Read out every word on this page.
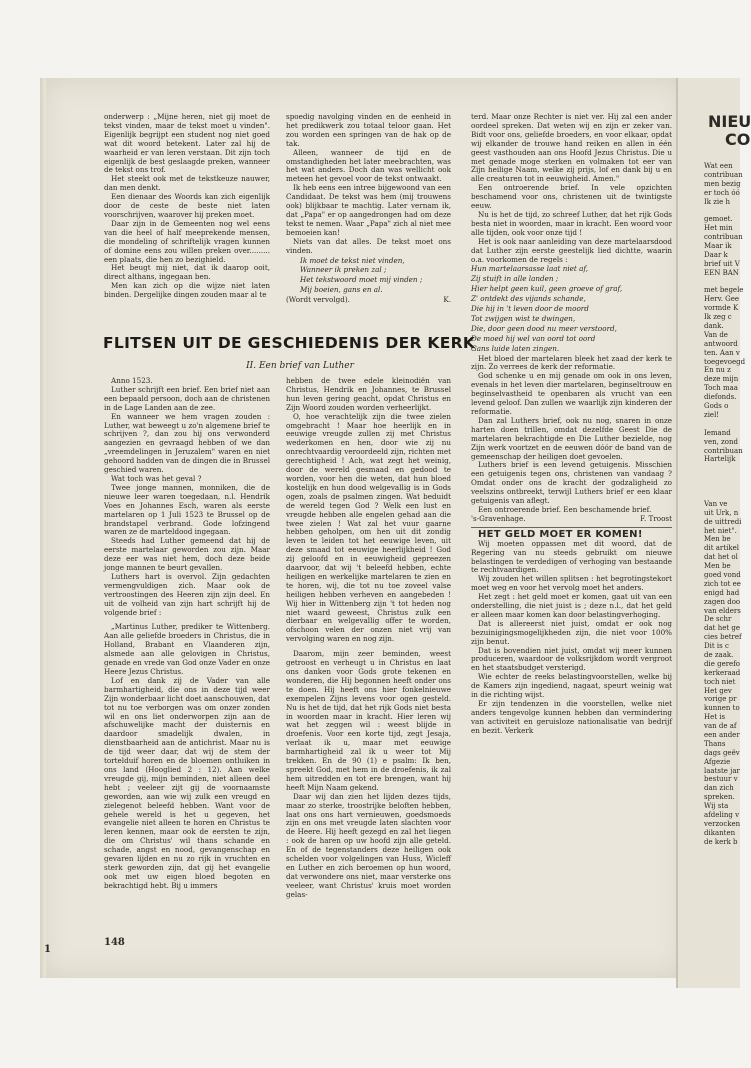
onderwerp : „Mijne heren, niet gij moet de tekst vinden, maar de tekst moet u vinden". Eigenlijk begrijpt een student nog niet goed wat dit woord betekent. Later zal hij de waarheid er van leren verstaan. Dit zijn toch eigenlijk de best geslaagde preken, wanneer de tekst ons trof.

Het steekt ook met de tekstkeuze nauwer, dan men denkt.

Een dienaar des Woords kan zich eigenlijk door de ceste de beste niet laten voorschrijven, waarover hij preken moet.

Daar zijn in de Gemeenten nog wel eens van die heel of half meeprekende mensen, die mondeling of schriftelijk vragen kunnen of domine eens zou willen preken over......... een plaats, die hen zo bezighield.

Het beugt mij niet, dat ik daarop ooit, direct althans, ingegaan ben.

Men kan zich op die wijze niet laten binden. Dergelijke dingen zouden maar al te

spoedig navolging vinden en de eenheid in het predikwerk zou totaal teloor gaan. Het zou worden een springen van de hak op de tak.

Alleen, wanneer de tijd en de omstandigheden het later meebrachten, was het wat anders. Doch dan was wellicht ook meteen het gevoel voor de tekst ontwaakt.

Ik heb eens een intree bijgewoond van een Candidaat. De tekst was hem (mij trouwens ook) blijkbaar te machtig. Later vernam ik, dat „Papa" er op aangedrongen had om deze tekst te nemen. Waar „Papa" zich al niet mee bemoeien kan!

Niets van dat alles. De tekst moet ons vinden.

Ik moet de tekst niet vinden,

Wanneer ik preken zal ;

Het tekstwoord moet mij vinden ;

Mij boeien, gans en al.

(Wordt vervolgd).	K.
FLITSEN UIT DE GESCHIEDENIS DER KERK

II. Een brief van Luther

Anno 1523.

Luther schrijft een brief. Een brief niet aan een bepaald persoon, doch aan de christenen in de Lage Landen aan de zee.

En wanneer we hem vragen zouden : Luther, wat beweegt u zo'n algemene brief te schrijven ?, dan zou hij ons verwonderd aangezien en gevraagd hebben of we dan „vreemdelingen in Jeruzalem" waren en niet gehoord hadden van de dingen die in Brussel geschied waren.

Wat toch was het geval ?

Twee jonge mannen, monniken, die de nieuwe leer waren toegedaan, n.l. Hendrik Voes en Johannes Esch, waren als eerste martelaren op 1 Juli 1523 te Brussel op de brandstapel verbrand. Gode lofzingend waren ze de marteldood ingegaan.

Steeds had Luther gemeend dat hij de eerste martelaar geworden zou zijn. Maar deze eer was niet hem, doch deze beide jonge mannen te beurt gevallen.

Luthers hart is overvol. Zijn gedachten vermengvuldigen zich. Maar ook de vertroostingen des Heeren zijn zijn deel. En uit de volheid van zijn hart schrijft hij de volgende brief :

„Martinus Luther, prediker te Wittenberg. Aan alle geliefde broeders in Christus, die in Holland, Brabant en Vlaanderen zijn, alsmede aan alle gelovigen in Christus, genade en vrede van God onze Vader en onze Heere Jezus Christus.

Lof en dank zij de Vader van alle barmhartigheid, die ons in deze tijd weer Zijn wonderbaar licht doet aanschouwen, dat tot nu toe verborgen was om onzer zonden wil en ons liet onderworpen zijn aan de afschuwelijke macht der duisternis en daardoor smadelijk dwalen, in dienstbaarheid aan de antichrist. Maar nu is de tijd weer daar, dat wij de stem der tortelduif horen en de bloemen ontluiken in ons land (Hooglied 2 : 12). Aan welke vreugde gij, mijn beminden, niet alleen deel hebt ; veeleer zijt gij de voornaamste geworden, aan wie wij zulk een vreugd en zielegenot beleefd hebben. Want voor de gehele wereld is het u gegeven, het evangelie niet alleen te horen en Christus te leren kennen, maar ook de eersten te zijn, die om Christus' wil thans schande en schade, angst en nood, gevangenschap en gevaren lijden en nu zo rijk in vruchten en sterk geworden zijn, dat gij het evangelie ook met uw eigen bloed begoten en bekrachtigd hebt. Bij u immers

hebben de twee edele kleinodiën van Christus, Hendrik en Johannes, te Brussel hun leven gering geacht, opdat Christus en Zijn Woord zouden worden verheerlijkt.

O, hoe verachtelijk zijn die twee zielen omgebracht ! Maar hoe heerlijk en in eeuwige vreugde zullen zij met Christus wederkomen en hen, door wie zij nu onrechtvaardig veroordeeld zijn, richten met gerechtigheid ! Ach, wat zegt het weinig, door de wereld gesmaad en gedood te worden, voor hen die weten, dat hun bloed kostelijk en hun dood welgevallig is in Gods ogen, zoals de psalmen zingen. Wat beduidt de wereld tegen God ? Welk een lust en vreugde hebben alle engelen gehad aan die twee zielen ! Wat zal het vuur gaarne hebben geholpen, om hen uit dit zondig leven te leiden tot het eeuwige leven, uit deze smaad tot eeuwige heerlijkheid ! God zij geloofd en in eeuwigheid gepreezen daarvoor, dat wij 't beleefd hebben, echte heiligen en werkelijke martelaren te zien en te horen, wij, die tot nu toe zoveel valse heiligen hebben verheven en aangebeden ! Wij hier in Wittenberg zijn 't tot heden nog niet waard geweest, Christus zulk een dierbaar en welgevallig offer te worden, ofschoon velen der onzen niet vrij van vervolging waren en nog zijn.

Daarom, mijn zeer beminden, weest getroost en verheugt u in Christus en laat ons danken voor Gods grote tekenen en wonderen, die Hij begonnen heeft onder ons te doen. Hij heeft ons hier fonkelnieuwe exempelen Zijns levens voor ogen gesteld. Nu is het de tijd, dat het rijk Gods niet besta in woorden maar in kracht. Hier leren wij wat het zeggen wil : weest blijde in droefenis. Voor een korte tijd, zegt Jesaja, verlaat ik u, maar met eeuwige barmhartigheid zal ik u weer tot Mij trekken. En de 90 (1) e psalm: Ik ben, spreekt God, met hem in de droefenis, ik zal hem uitredden en tot ere brengen, want hij heeft Mijn Naam gekend.

Daar wij dan zien het lijden dezes tijds, maar zo sterke, troostrijke beloften hebben, laat ons ons hart vernieuwen, goedsmoeds zijn en ons met vreugde laten slachten voor de Heere. Hij heeft gezegd en zal het liegen : ook de haren op uw hoofd zijn alle geteld. En of de tegenstanders deze heiligen ook schelden voor volgelingen van Huss, Wicleff en Luther en zich beroemen op hun woord, dat verwondere ons niet, maar versterke ons veeleer, want Christus' kruis moet worden gelas-

terd. Maar onze Rechter is niet ver. Hij zal een ander oordeel spreken. Dat weten wij en zijn er zeker van. Bidt voor ons, geliefde broeders, en voor elkaar, opdat wij elkander de trouwe hand reiken en allen in één geest vasthouden aan ons Hoofd Jezus Christus. Die u met genade moge sterken en volmaken tot eer van Zijn heilige Naam, welke zij prijs, lof en dank bij u en alle creaturen tot in eeuwigheid. Amen."

Een ontroerende brief. In vele opzichten beschamend voor ons, christenen uit de twintigste eeuw.

Nu is het de tijd, zo schreef Luther, dat het rijk Gods besta niet in woorden, maar in kracht. Een woord voor alle tijden, ook voor onze tijd !

Het is ook naar aanleiding van deze martelaarsdood dat Luther zijn eerste geestelijk lied dichtte, waarin o.a. voorkomen de regels :

Hun martelaarsasse laat niet af,

Zij stuift in alle landen ;

Hier helpt geen kuil, geen groeve of graf,

Z' ontdekt des vijands schande,

Die hij in 't leven door de moord

Tot zwijgen wist te dwingen,

Die, door geen dood nu meer verstoord,

De moed hij wel van oord tot oord

Gans luide laten zingen.

Het bloed der martelaren bleek het zaad der kerk te zijn. Zo verrees de kerk der reformatie.

God schenke u en mij genade om ook in ons leven, evenals in het leven dier martelaren, beginseltrouw en beginselvastheid te openbaren als vrucht van een levend geloof. Dan zullen we waarlijk zijn kinderen der reformatie.

Dan zal Luthers brief, ook nu nog, snaren in onze harten doen trillen, omdat dezelfde Geest Die de martelaren bekrachtigde en Die Luther bezielde, nog Zijn werk voortzet en de eeuwen dóór de band van de gemeenschap der heiligen doet gevoelen.

Luthers brief is een levend getuigenis. Misschien een getuigenis tegen ons, christenen van vandaag ? Omdat onder ons de kracht der godzaligheid zo veelszins ontbreekt, terwijl Luthers brief er een klaar getuigenis van aflegt.

Een ontroerende brief. Een beschamende brief.

's-Gravenhage.	F. Troost

HET GELD MOET ER KOMEN!

Wij moeten oppassen met dit woord, dat de Regering van nu steeds gebruikt om nieuwe belastingen te verdedigen of verhoging van bestaande te rechtvaardigen.

Wij zouden het willen splitsen : het begrotingstekort moet weg en voor het vervolg moet het anders.

Het zegt : het geld moet er komen, gaat uit van een onderstelling, die niet juist is ; deze n.l., dat het geld er alleen maar komen kan door belastingverhoging.

Dat is allereerst niet juist, omdat er ook nog bezuinigingsmogelijkheden zijn, die niet voor 100% zijn benut.

Dat is bovendien niet juist, omdat wij meer kunnen produceren, waardoor de volksrijkdom wordt vergroot en het staatsbudget versterigd.

Wie echter de reeks belastingvoorstellen, welke bij de Kamers zijn ingediend, nagaat, speurt weinig wat in die richting wijst.

Er zijn tendenzen in die voorstellen, welke niet anders tengevolge kunnen hebben dan vermindering van activiteit en geruisloze nationalisatie van bedrijf en bezit. Verkerk

148

1

NIEU

CO

Wat een
contribuan
men bezig
er toch óó
Ik zie h
gemoet.
Het min
contribuan
Maar ik
Daar k
brief uit V
EEN BAN
met begele
Herv. Gee
vormde K
Ik zeg c
dank.
Van de
antwoord
ten. Aan v
toegevoegd
En nu z
deze mijn
Toch maa
diefonds.
Gods o
ziel!
Iemand
ven, zond
contribuan
Hartelijk
Van ve
uit Urk, n
de uittredi
het niet".
Men be
dit artikel
dat het ol
Men be
goed vond
zich tot ee
enigd had
zagen doo
van elders
De schr
dat het ge
cies betref
Dit is c
de zaak.
die gerefo
kerkeraad
toch niet
Het gev
vorige pr
kunnen to
Het is
van de af
een ander
Thans
dags geëv
Afgezie
laatste jar
bestuur v
dan zich
spreken.
Wij sta
afdeling v
verzocken
dikanten
de kerk b
